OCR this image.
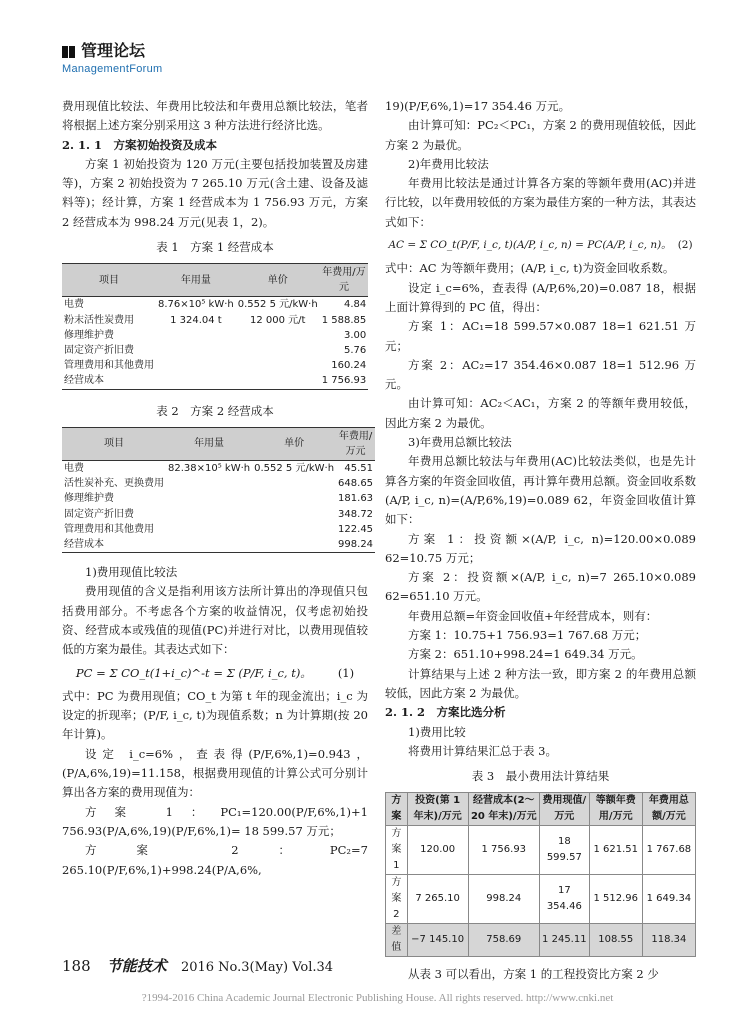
管理论坛
ManagementForum

费用现值比较法、年费用比较法和年费用总额比较法，笔者将根据上述方案分别采用这 3 种方法进行经济比选。

2. 1. 1　方案初始投资及成本

方案 1 初始投资为 120 万元(主要包括投加装置及房建等)，方案 2 初始投资为 7 265.10 万元(含土建、设备及滤料等)；经计算，方案 1 经营成本为 1 756.93 万元，方案 2 经营成本为 998.24 万元(见表 1，2)。

表 1　方案 1 经营成本
项目	年用量	单价	年费用/万元
电费	8.76×10⁵ kW·h	0.552 5 元/kW·h	4.84
粉末活性炭费用	1 324.04 t	12 000 元/t	1 588.85
修理维护费			3.00
固定资产折旧费			5.76
管理费用和其他费用			160.24
经营成本			1 756.93
表 2　方案 2 经营成本
项目	年用量	单价	年费用/万元
电费	82.38×10⁵ kW·h	0.552 5 元/kW·h	45.51
活性炭补充、更换费用			648.65
修理维护费			181.63
固定资产折旧费			348.72
管理费用和其他费用			122.45
经营成本			998.24

1)费用现值比较法

费用现值的含义是指利用该方法所计算出的净现值只包括费用部分。不考虑各个方案的收益情况，仅考虑初始投资、经营成本或残值的现值(PC)并进行对比，以费用现值较低的方案为最佳。其表达式如下：

PC = Σ CO_t(1+i_c)^-t = Σ (P/F, i_c, t)。 (1)

式中：PC 为费用现值；CO_t 为第 t 年的现金流出；i_c 为设定的折现率；(P/F, i_c, t)为现值系数；n 为计算期(按 20 年计算)。

设定 i_c=6%，查表得(P/F,6%,1)=0.943，(P/A,6%,19)=11.158，根据费用现值的计算公式可分别计算出各方案的费用现值为：

方案 1：PC₁=120.00(P/F,6%,1)+1 756.93(P/A,6%,19)(P/F,6%,1)= 18 599.57 万元；

方案 2：PC₂=7 265.10(P/F,6%,1)+998.24(P/A,6%,

19)(P/F,6%,1)=17 354.46 万元。

由计算可知：PC₂＜PC₁，方案 2 的费用现值较低，因此方案 2 为最优。

2)年费用比较法

年费用比较法是通过计算各方案的等额年费用(AC)并进行比较，以年费用较低的方案为最佳方案的一种方法，其表达式如下：

AC = Σ CO_t(P/F, i_c, t)(A/P, i_c, n) = PC(A/P, i_c, n)。 (2)

式中：AC 为等额年费用；(A/P, i_c, t)为资金回收系数。

设定 i_c=6%，查表得 (A/P,6%,20)=0.087 18，根据上面计算得到的 PC 值，得出：

方案 1：AC₁=18 599.57×0.087 18=1 621.51 万元；

方案 2：AC₂=17 354.46×0.087 18=1 512.96 万元。

由计算可知：AC₂＜AC₁，方案 2 的等额年费用较低，因此方案 2 为最优。

3)年费用总额比较法

年费用总额比较法与年费用(AC)比较法类似，也是先计算各方案的年资金回收值，再计算年费用总额。资金回收系数(A/P, i_c, n)=(A/P,6%,19)=0.089 62，年资金回收值计算如下：

方案 1：投资额×(A/P, i_c, n)=120.00×0.089 62=10.75 万元；

方案 2：投资额×(A/P, i_c, n)=7 265.10×0.089 62=651.10 万元。

年费用总额=年资金回收值+年经营成本，则有：

方案 1：10.75+1 756.93=1 767.68 万元；

方案 2：651.10+998.24=1 649.34 万元。

计算结果与上述 2 种方法一致，即方案 2 的年费用总额较低，因此方案 2 为最优。

2. 1. 2　方案比选分析

1)费用比较

将费用计算结果汇总于表 3。

表 3　最小费用法计算结果
方案	投资(第 1 年末)/万元	经营成本(2～20 年末)/万元	费用现值/万元	等额年费用/万元	年费用总额/万元
方案 1	120.00	1 756.93	18 599.57	1 621.51	1 767.68
方案 2	7 265.10	998.24	17 354.46	1 512.96	1 649.34
差值	−7 145.10	758.69	1 245.11	108.55	118.34

从表 3 可以看出，方案 1 的工程投资比方案 2 少

188 节能技术 2016 No.3(May) Vol.34
?1994-2016 China Academic Journal Electronic Publishing House. All rights reserved. http://www.cnki.net
